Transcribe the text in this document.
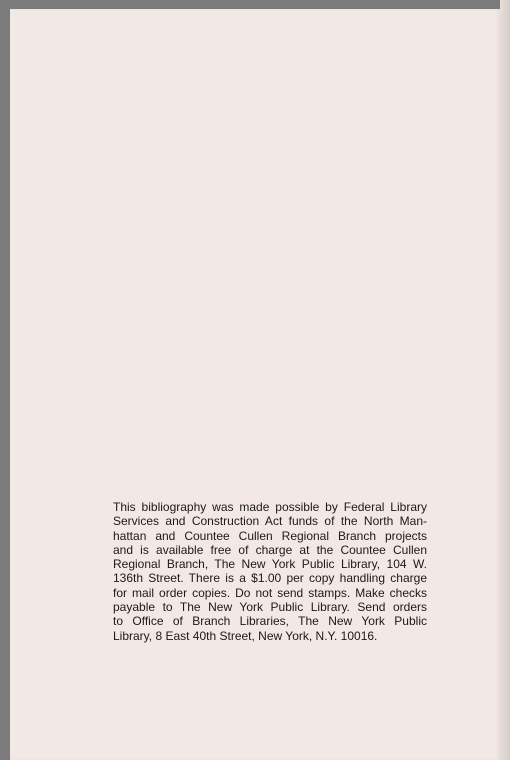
This bibliography was made possible by Federal Library
Services and Construction Act funds of the North Man-
hattan and Countee Cullen Regional Branch projects
and is available free of charge at the Countee Cullen
Regional Branch, The New York Public Library, 104 W.
136th Street. There is a $1.00 per copy handling charge
for mail order copies. Do not send stamps. Make checks
payable to The New York Public Library. Send orders
to Office of Branch Libraries, The New York Public
Library, 8 East 40th Street, New York, N.Y. 10016.
